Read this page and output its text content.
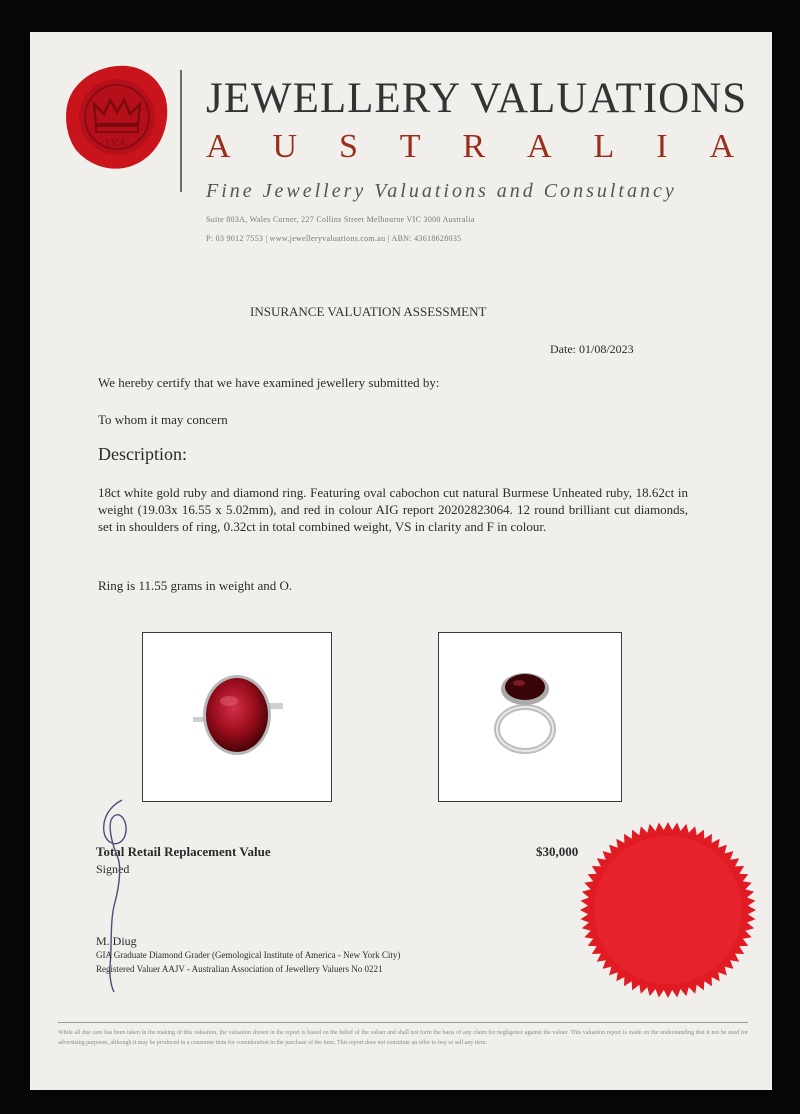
J.V.A.
JEWELLERY VALUATIONS
A U S T R A L I A
Fine Jewellery Valuations and Consultancy
Suite 803A, Wales Corner, 227 Collins Street Melbourne VIC 3000 Australia
P: 03 9012 7553 | www.jewelleryvaluations.com.au | ABN: 43618628035
INSURANCE VALUATION ASSESSMENT
Date: 01/08/2023
We hereby certify that we have examined jewellery submitted by:
To whom it may concern
Description:
18ct white gold ruby and diamond ring. Featuring oval cabochon cut natural Burmese Unheated ruby, 18.62ct in weight (19.03x 16.55 x 5.02mm), and red in colour AIG report 20202823064. 12 round brilliant cut diamonds, set in shoulders of ring, 0.32ct in total combined weight, VS in clarity and F in colour.
Ring is 11.55 grams in weight and O.
Total Retail Replacement Value	$30,000
Signed
M. Diug
GIA Graduate Diamond Grader (Gemological Institute of America - New York City)
Registered Valuer AAJV - Australian Association of Jewellery Valuers No 0221
While all due care has been taken in the making of this valuation, the valuation shown in the report is based on the belief of the valuer and shall not form the basis of any claim for negligence against the valuer. This valuation report is made on the understanding that it not be used for advertising purposes, although it may be produced in a consumer item for consideration in the purchase of the item. This report does not constitute an offer to buy or sell any item.
